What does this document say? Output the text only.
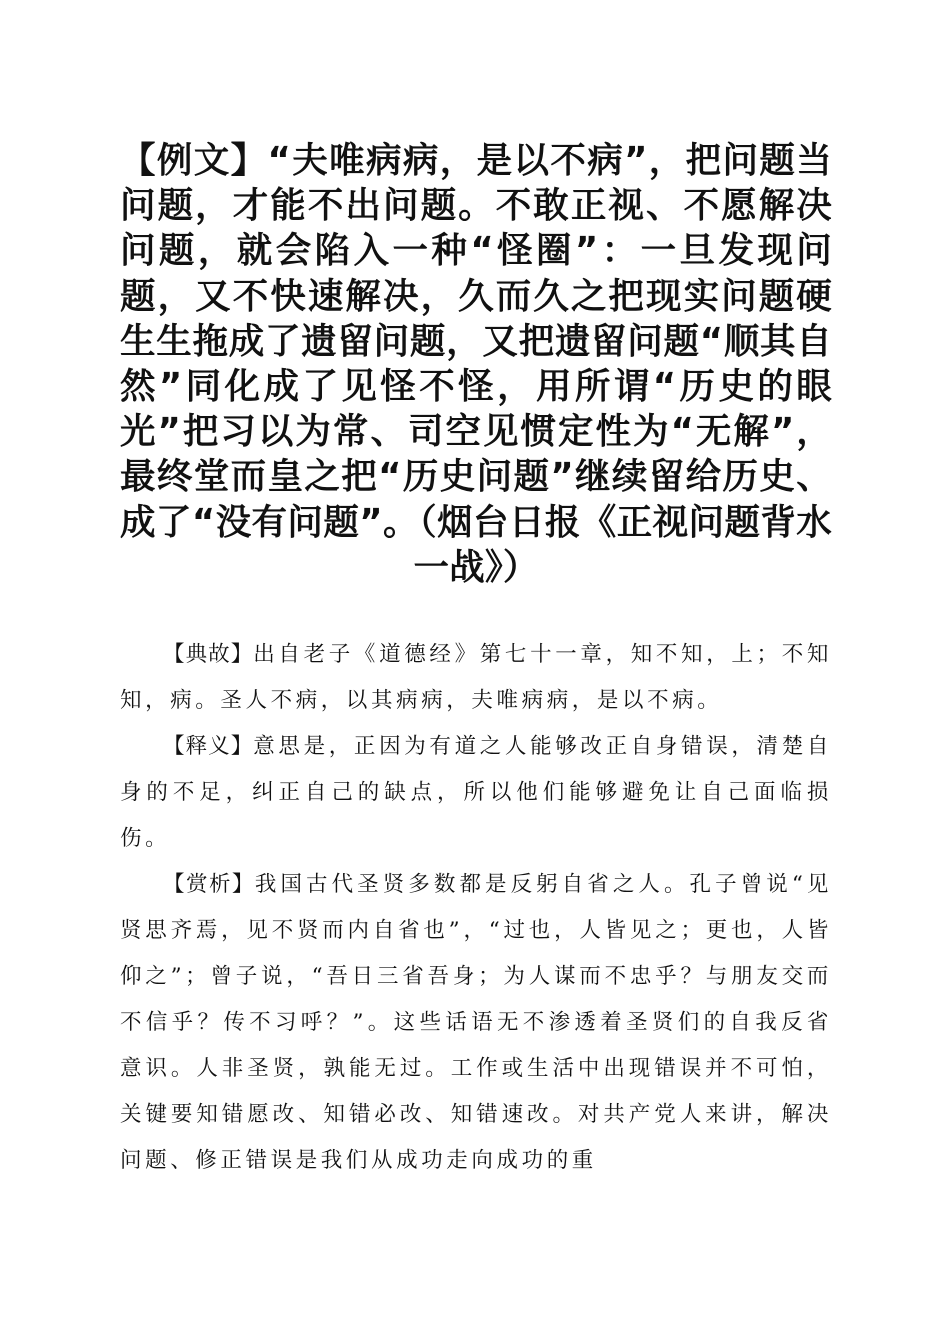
【例文】“夫唯病病，是以不病”，把问题当问题，才能不出问题。不敢正视、不愿解决问题，就会陷入一种“怪圈”：一旦发现问题，又不快速解决，久而久之把现实问题硬生生拖成了遗留问题，又把遗留问题“顺其自然”同化成了见怪不怪，用所谓“历史的眼光”把习以为常、司空见惯定性为“无解”，最终堂而皇之把“历史问题”继续留给历史、成了“没有问题”。（烟台日报《正视问题背水一战》）
【典故】出自老子《道德经》第七十一章，知不知，上；不知知，病。圣人不病，以其病病，夫唯病病，是以不病。
【释义】意思是，正因为有道之人能够改正自身错误，清楚自身的不足，纠正自己的缺点，所以他们能够避免让自己面临损伤。
【赏析】我国古代圣贤多数都是反躬自省之人。孔子曾说“见贤思齐焉，见不贤而内自省也”，“过也，人皆见之；更也，人皆仰之”；曾子说，“吾日三省吾身；为人谋而不忠乎？与朋友交而不信乎？传不习呼？”。这些话语无不渗透着圣贤们的自我反省意识。人非圣贤，孰能无过。工作或生活中出现错误并不可怕，关键要知错愿改、知错必改、知错速改。对共产党人来讲，解决问题、修正错误是我们从成功走向成功的重
